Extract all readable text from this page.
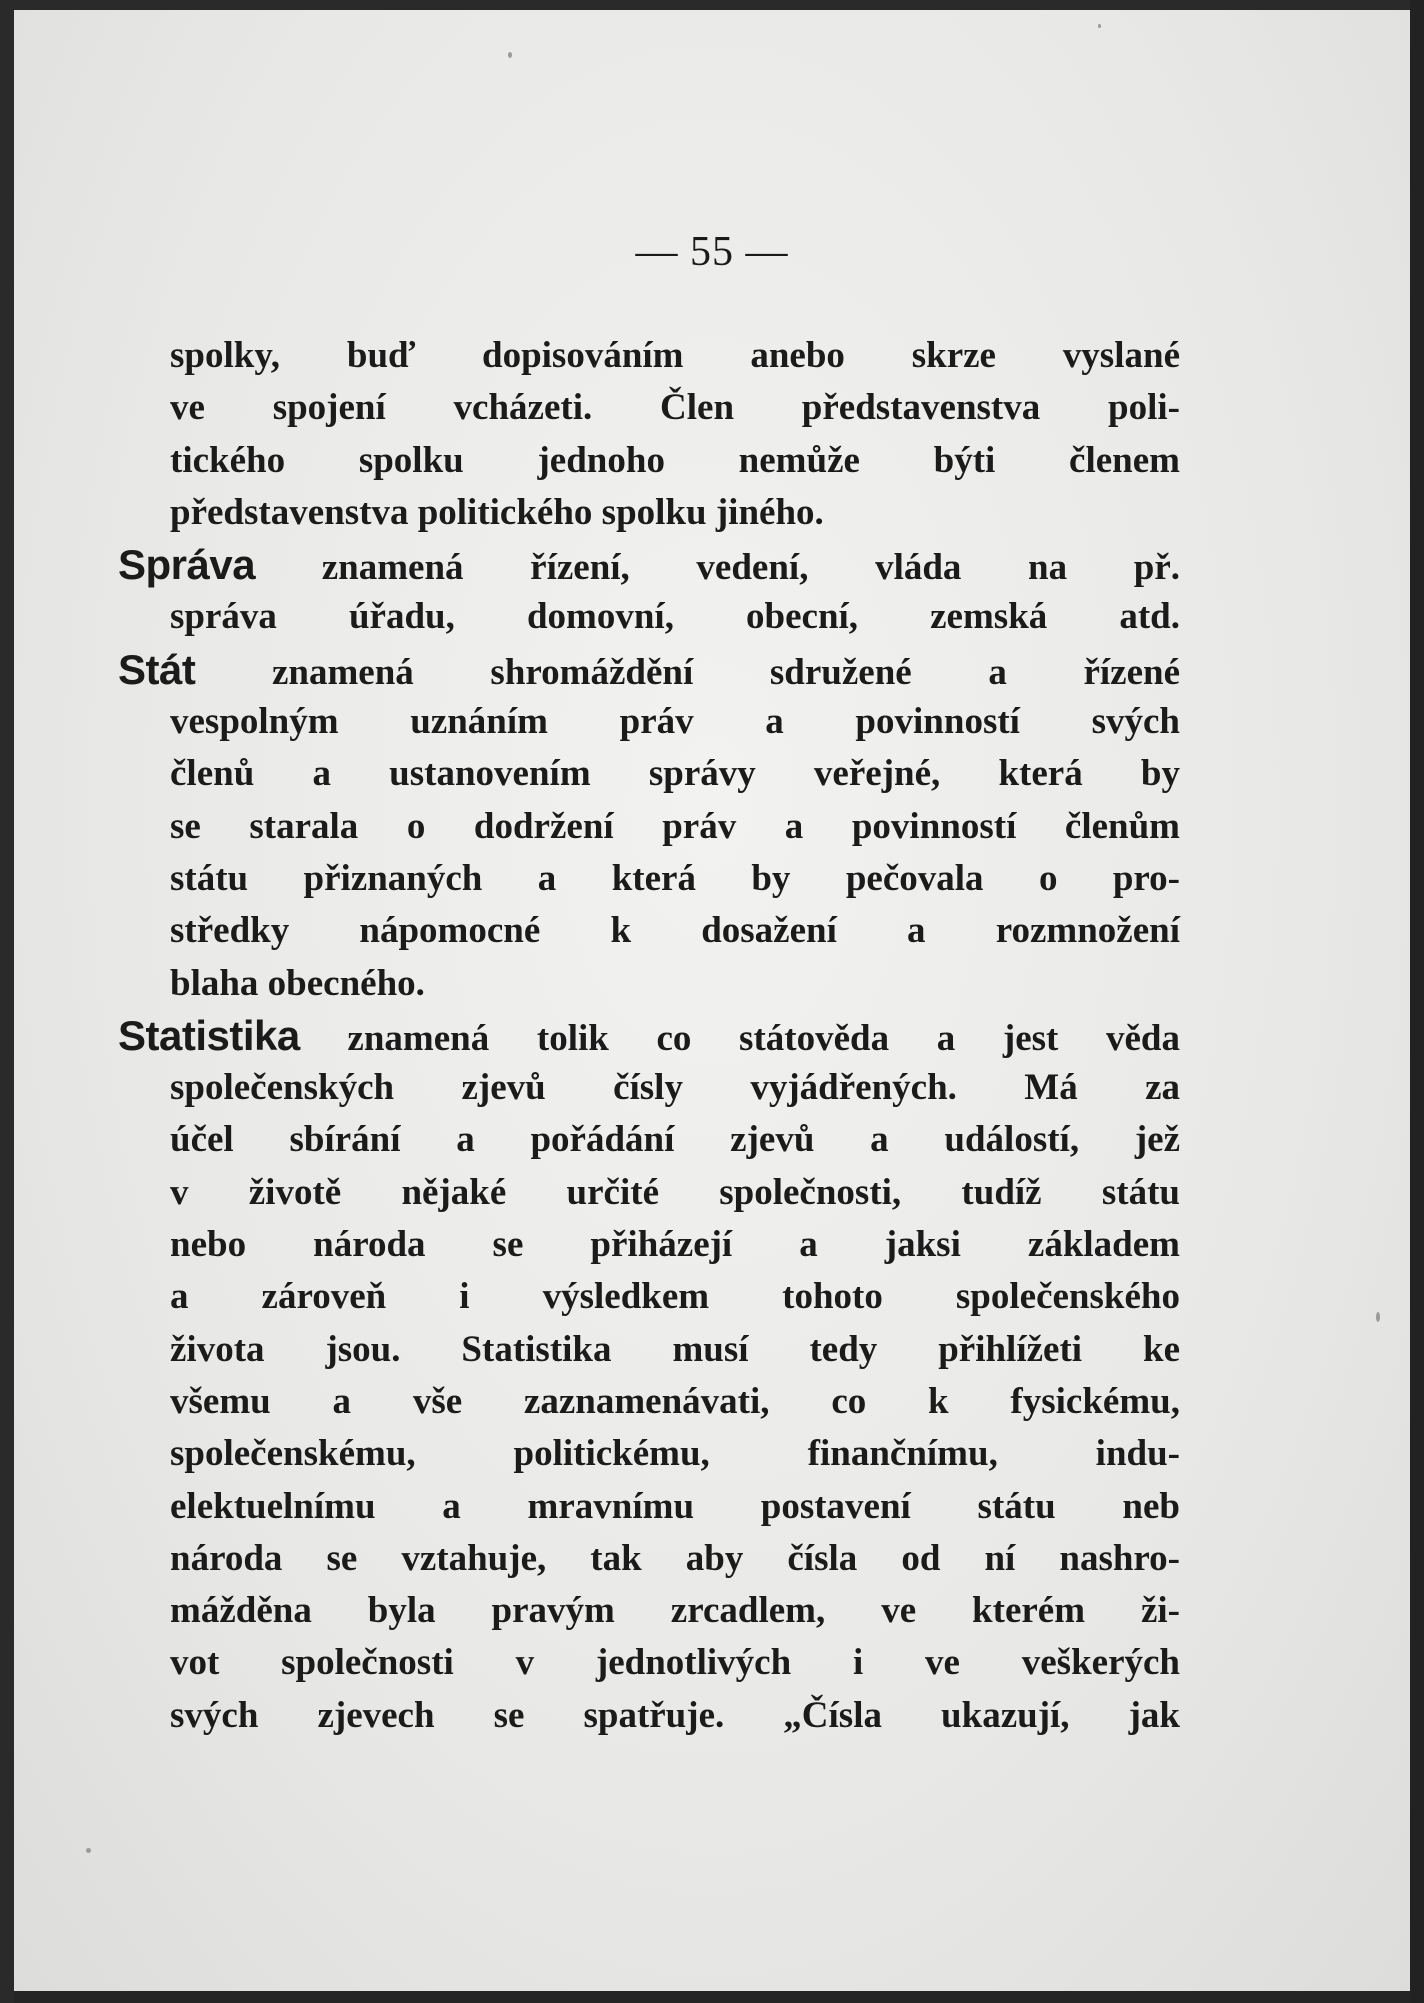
— 55 —
spolky, buď dopisováním anebo skrze vyslané
ve spojení vcházeti. Člen představenstva poli-
tického spolku jednoho nemůže býti členem
představenstva politického spolku jiného.
Správa znamená řízení, vedení, vláda na př.
správa úřadu, domovní, obecní, zemská atd.
Stát znamená shromáždění sdružené a řízené
vespolným uznáním práv a povinností svých
členů a ustanovením správy veřejné, která by
se starala o dodržení práv a povinností členům
státu přiznaných a která by pečovala o pro-
středky nápomocné k dosažení a rozmnožení
blaha obecného.
Statistika znamená tolik co státověda a jest věda
společenských zjevů čísly vyjádřených. Má za
účel sbírání a pořádání zjevů a událostí, jež
v životě nějaké určité společnosti, tudíž státu
nebo národa se přiházejí a jaksi základem
a zároveň i výsledkem tohoto společenského
života jsou. Statistika musí tedy přihlížeti ke
všemu a vše zaznamenávati, co k fysickému,
společenskému, politickému, finančnímu, indu-
elektuelnímu a mravnímu postavení státu neb
národa se vztahuje, tak aby čísla od ní nashro-
mážděna byla pravým zrcadlem, ve kterém ži-
vot společnosti v jednotlivých i ve veškerých
svých zjevech se spatřuje. „Čísla ukazují, jak
